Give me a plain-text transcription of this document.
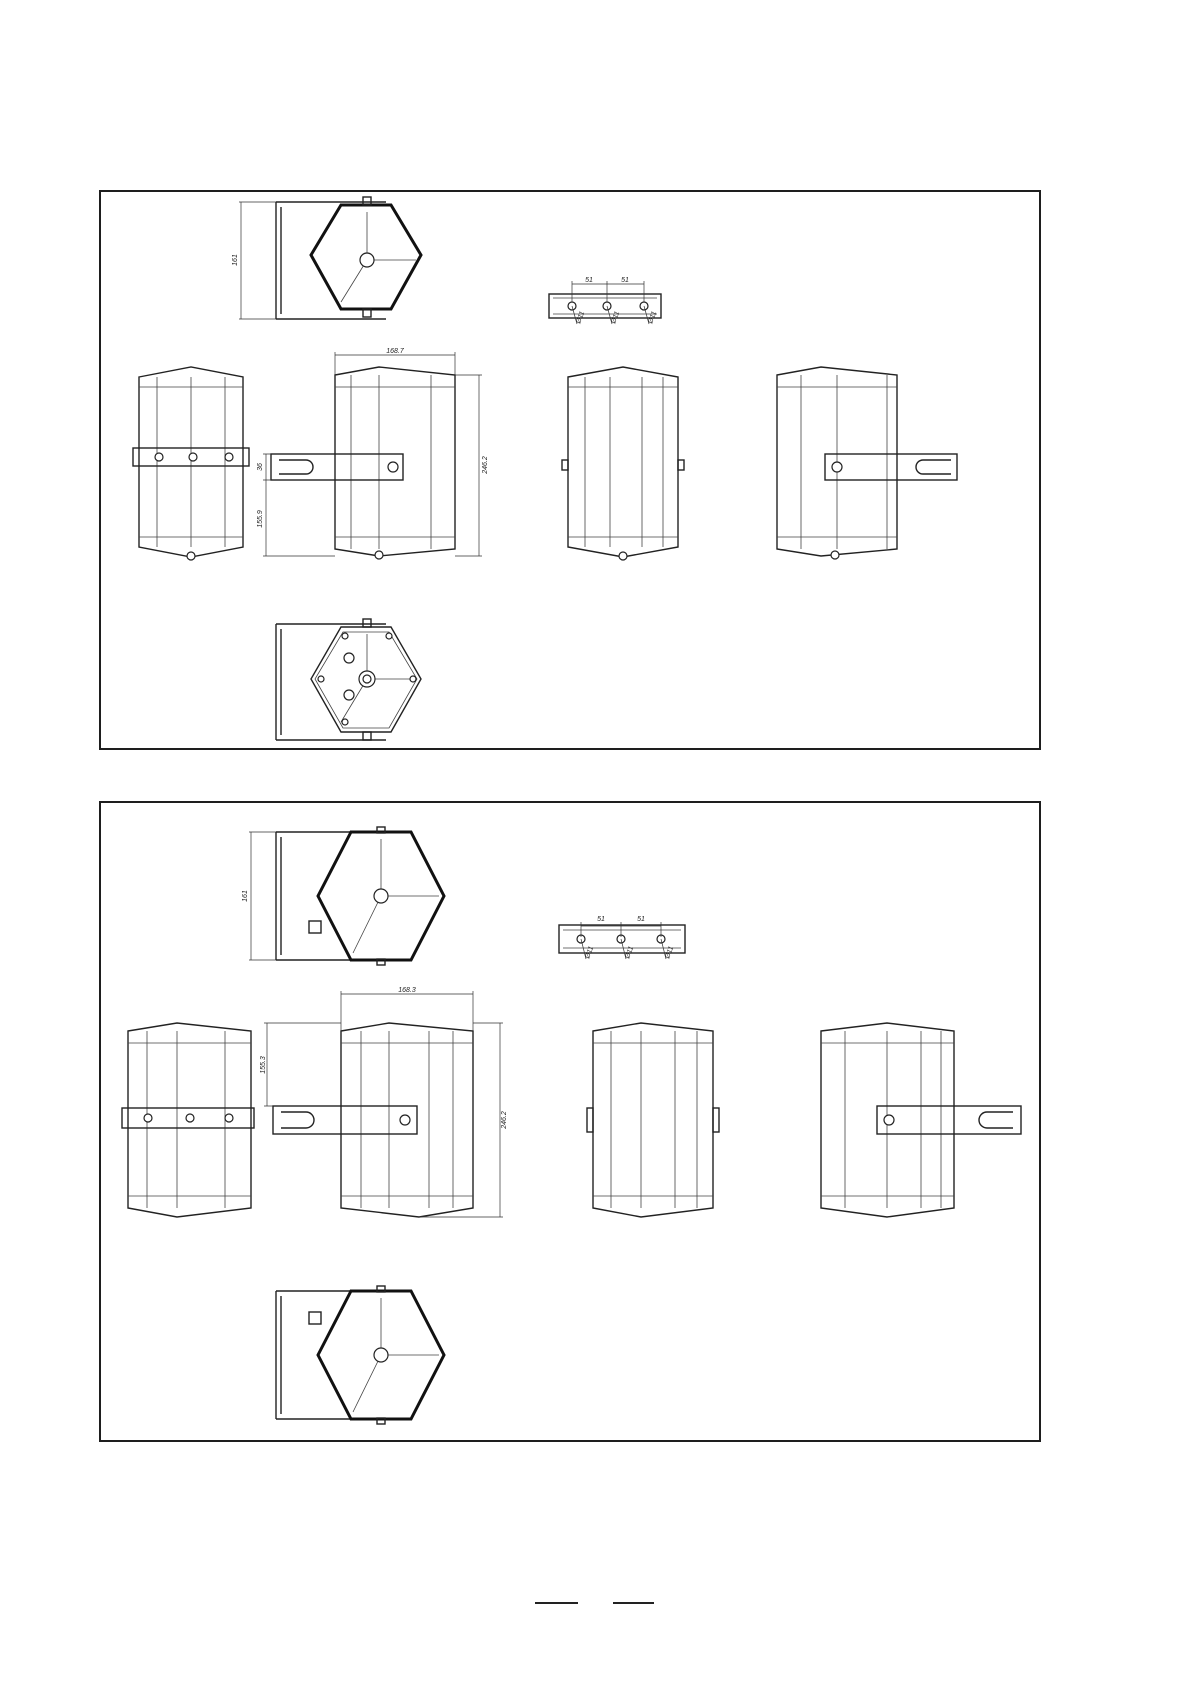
161
51	51
Ø11	Ø11	Ø11
168.7
246.2
36
155.9
161
51	51
Ø11	Ø11	Ø11
168.3
246.2
155.3
